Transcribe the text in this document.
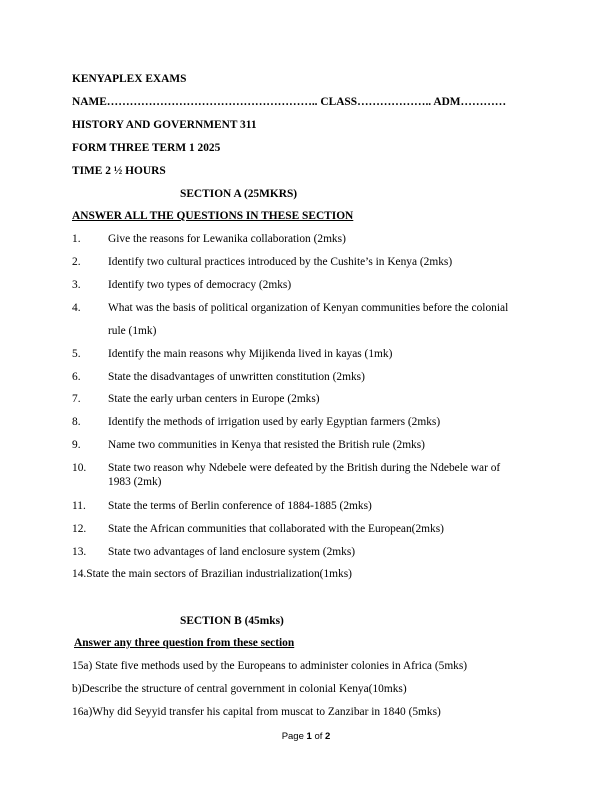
KENYAPLEX EXAMS
NAME……………………………………………….. CLASS……………….. ADM…………
HISTORY AND GOVERNMENT 311
FORM THREE TERM 1 2025
TIME 2 ½ HOURS
SECTION A (25MKRS)
ANSWER ALL THE QUESTIONS IN THESE SECTION
1. Give the reasons for Lewanika collaboration (2mks)
2. Identify two cultural practices introduced by the Cushite’s in Kenya (2mks)
3. Identify two types of democracy (2mks)
4. What was the basis of political organization of Kenyan communities before the colonial
rule (1mk)
5. Identify the main reasons why Mijikenda lived in kayas (1mk)
6. State the disadvantages of unwritten constitution (2mks)
7. State the early urban centers in Europe (2mks)
8. Identify the methods of irrigation used by early Egyptian farmers (2mks)
9. Name two communities in Kenya that resisted the British rule (2mks)
10. State two reason why Ndebele were defeated by the British during the Ndebele war of
1983 (2mk)
11. State the terms of Berlin conference of 1884-1885 (2mks)
12. State the African communities that collaborated with the European(2mks)
13. State two advantages of land enclosure system (2mks)
14.State the main sectors of Brazilian industrialization(1mks)
SECTION B (45mks)
Answer any three question from these section
15a) State five methods used by the Europeans to administer colonies in Africa (5mks)
b)Describe the structure of central government in colonial Kenya(10mks)
16a)Why did Seyyid transfer his capital from muscat to Zanzibar in 1840 (5mks)
Page 1 of 2
